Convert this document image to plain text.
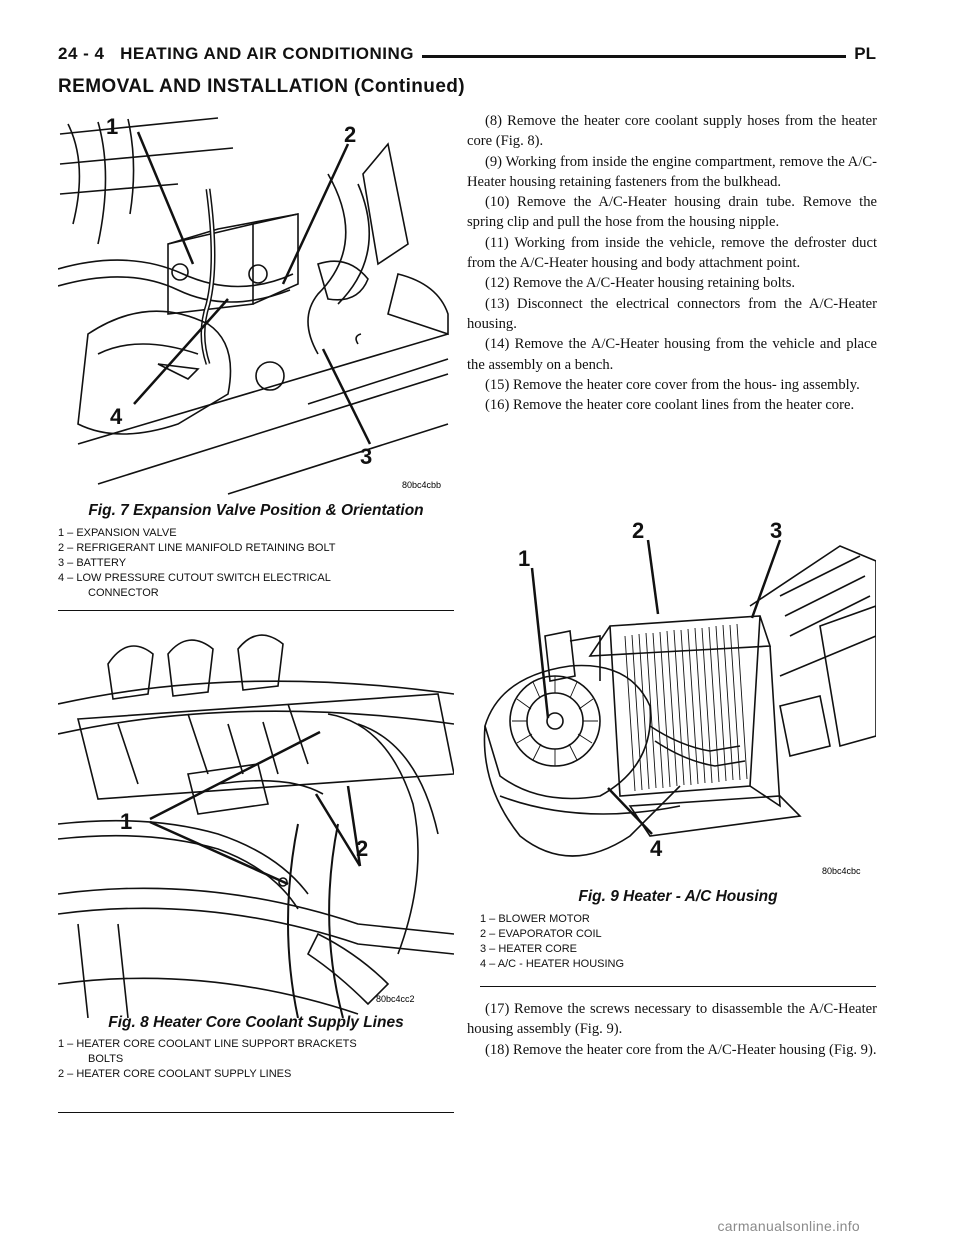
24 - 4 HEATING AND AIR CONDITIONING	PL
REMOVAL AND INSTALLATION (Continued)
1	2
3
4
80bc4cbb
Fig. 7 Expansion Valve Position & Orientation
1 – EXPANSION VALVE
2 – REFRIGERANT LINE MANIFOLD RETAINING BOLT
3 – BATTERY
4 – LOW PRESSURE CUTOUT SWITCH ELECTRICAL
CONNECTOR
1
2
80bc4cc2
Fig. 8 Heater Core Coolant Supply Lines
1 – HEATER CORE COOLANT LINE SUPPORT BRACKETS
BOLTS
2 – HEATER CORE COOLANT SUPPLY LINES

(8) Remove the heater core coolant supply hoses from the heater core (Fig. 8).

(9) Working from inside the engine compartment, remove the A/C-Heater housing retaining fasteners from the bulkhead.

(10) Remove the A/C-Heater housing drain tube. Remove the spring clip and pull the hose from the housing nipple.

(11) Working from inside the vehicle, remove the defroster duct from the A/C-Heater housing and body attachment point.

(12) Remove the A/C-Heater housing retaining bolts.

(13) Disconnect the electrical connectors from the A/C-Heater housing.

(14) Remove the A/C-Heater housing from the vehicle and place the assembly on a bench.

(15) Remove the heater core cover from the hous- ing assembly.

(16) Remove the heater core coolant lines from the heater core.

1
2	3
4
80bc4cbc
Fig. 9 Heater - A/C Housing
1 – BLOWER MOTOR
2 – EVAPORATOR COIL
3 – HEATER CORE
4 – A/C - HEATER HOUSING

(17) Remove the screws necessary to disassemble the A/C-Heater housing assembly (Fig. 9).

(18) Remove the heater core from the A/C-Heater housing (Fig. 9).

carmanualsonline.info
